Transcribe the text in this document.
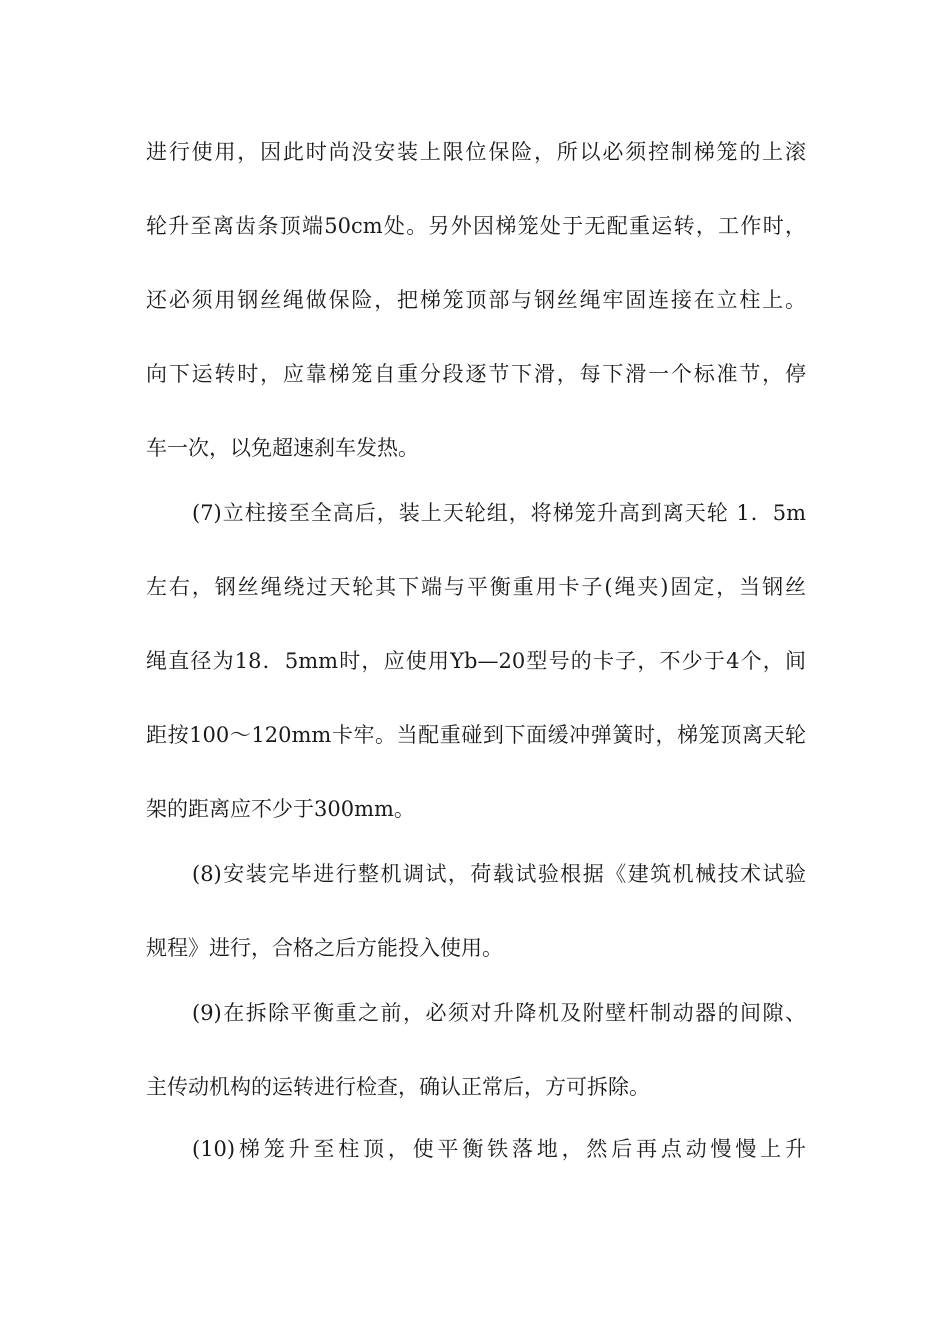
进行使用，因此时尚没安装上限位保险，所以必须控制梯笼的上滚
轮升至离齿条顶端50cm处。另外因梯笼处于无配重运转，工作时，
还必须用钢丝绳做保险，把梯笼顶部与钢丝绳牢固连接在立柱上。
向下运转时，应靠梯笼自重分段逐节下滑，每下滑一个标准节，停
车一次，以免超速刹车发热。
(7)立柱接至全高后，装上天轮组，将梯笼升高到离天轮 1．5m
左右，钢丝绳绕过天轮其下端与平衡重用卡子(绳夹)固定，当钢丝
绳直径为18．5mm时，应使用Yb—20型号的卡子，不少于4个，间
距按100～120mm卡牢。当配重碰到下面缓冲弹簧时，梯笼顶离天轮
架的距离应不少于300mm。
(8)安装完毕进行整机调试，荷载试验根据《建筑机械技术试验
规程》进行，合格之后方能投入使用。
(9)在拆除平衡重之前，必须对升降机及附壁杆制动器的间隙、
主传动机构的运转进行检查，确认正常后，方可拆除。
(10)梯笼升至柱顶，使平衡铁落地，然后再点动慢慢上升
